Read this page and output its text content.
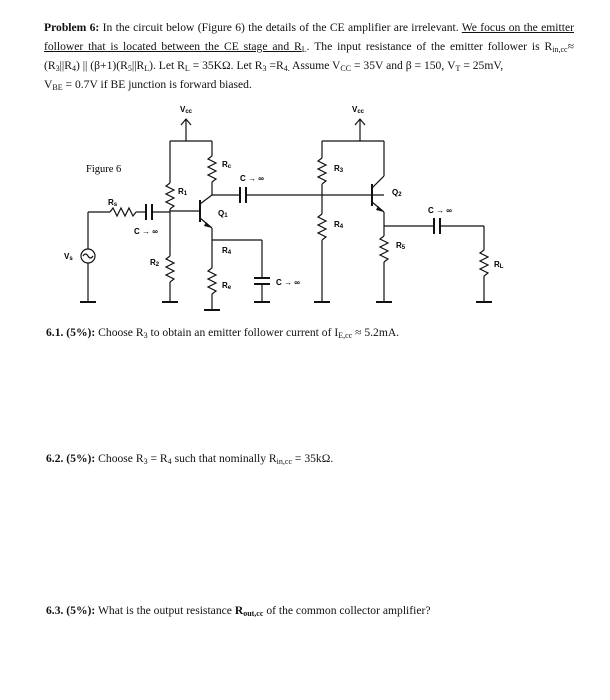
Problem 6: In the circuit below (Figure 6) the details of the CE amplifier are irrelevant. We focus on the emitter follower that is located between the CE stage and $R_L$. The input resistance of the emitter follower is $R_{in,cc}\approx (R_3||R_4)$ || $(\beta+1)(R_5||R_L)$. Let $R_L = 35K\Omega$. Let $R_3 =R_{4.}$ Assume $V_{CC} = 35V$ and β = 150, $V_T = 25mV$,
$V_{BE} = 0.7V$ if BE junction is forward biased.
Figure 6
Vcc	Vcc
R1
Rc
Q1
Re
R4
C → ∞
R2
Vs
Rs
C → ∞
C → ∞
R3
R4
Q2
R5
C → ∞
RL
6.1. (5%): Choose $R_3$ to obtain an emitter follower current of $I_{E,cc} \approx 5.2mA$.
6.2. (5%): Choose $R_3 = R_4$ such that nominally $R_{in,cc} = 35k\Omega$.
6.3. (5%): What is the output resistance $R_{out,cc}$ of the common collector amplifier?
